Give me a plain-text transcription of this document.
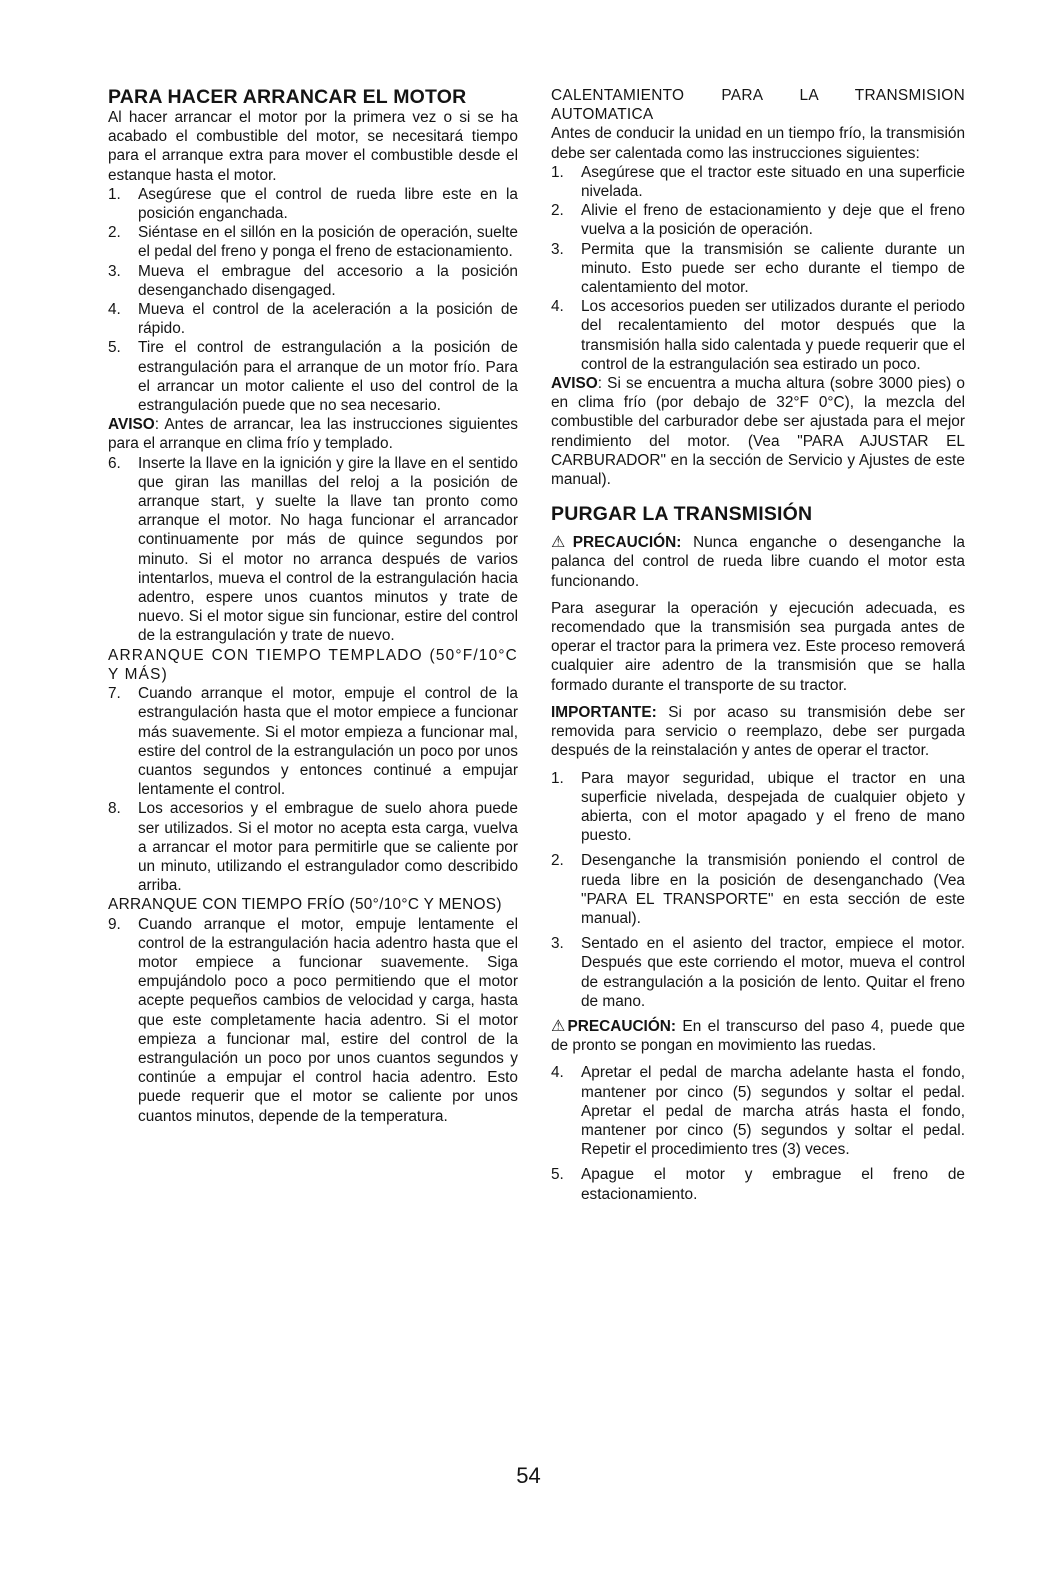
PARA HACER ARRANCAR EL MOTOR

Al hacer arrancar el motor por la primera vez o si se ha acabado el combustible del motor, se necesitará tiempo para el arranque extra para mover el combustible desde el estanque hasta el motor.

1. Asegúrese que el control de rueda libre este en la posición enganchada.
2. Siéntase en el sillón en la posición de operación, suelte el pedal del freno y ponga el freno de estacionamiento.
3. Mueva el embrague del accesorio a la posición desenganchado disengaged.
4. Mueva el control de la aceleración a la posición de rápido.
5. Tire el control de estrangulación a la posición de estrangulación para el arranque de un motor frío. Para el arrancar un motor caliente el uso del control de la estrangulación puede que no sea necesario.

AVISO: Antes de arrancar, lea las instrucciones siguientes para el arranque en clima frío y templado.

6. Inserte la llave en la ignición y gire la llave en el sentido que giran las manillas del reloj a la posición de arranque start, y suelte la llave tan pronto como arranque el motor. No haga funcionar el arrancador continuamente por más de quince segundos por minuto. Si el motor no arranca después de varios intentarlos, mueva el control de la estrangulación hacia adentro, espere unos cuantos minutos y trate de nuevo. Si el motor sigue sin funcionar, estire del control de la estrangulación y trate de nuevo.

ARRANQUE CON TIEMPO TEMPLADO (50°F/10°C Y MÁS)

7. Cuando arranque el motor, empuje el control de la estrangulación hasta que el motor empiece a funcionar más suavemente. Si el motor empieza a funcionar mal, estire del control de la estrangulación un poco por unos cuantos segundos y entonces continué a empujar lentamente el control.
8. Los accesorios y el embrague de suelo ahora puede ser utilizados. Si el motor no acepta esta carga, vuelva a arrancar el motor para permitirle que se caliente por un minuto, utilizando el estrangulador como describido arriba.

ARRANQUE CON TIEMPO FRÍO (50°/10°C Y MENOS)

9. Cuando arranque el motor, empuje lentamente el control de la estrangulación hacia adentro hasta que el motor empiece a funcionar suavemente. Siga empujándolo poco a poco permitiendo que el motor acepte pequeños cambios de velocidad y carga, hasta que este completamente hacia adentro. Si el motor empieza a funcionar mal, estire del control de la estrangulación un poco por unos cuantos segundos y continúe a empujar el control hacia adentro. Esto puede requerir que el motor se caliente por unos cuantos minutos, depende de la temperatura.

CALENTAMIENTO PARA LA TRANSMISION AUTOMATICA

Antes de conducir la unidad en un tiempo frío, la transmisión debe ser calentada como las instrucciones siguientes:

1. Asegúrese que el tractor este situado en una superficie nivelada.
2. Alivie el freno de estacionamiento y deje que el freno vuelva a la posición de operación.
3. Permita que la transmisión se caliente durante un minuto. Esto puede ser echo durante el tiempo de calentamiento del motor.
4. Los accesorios pueden ser utilizados durante el periodo del recalentamiento del motor después que la transmisión halla sido calentada y puede requerir que el control de la estrangulación sea estirado un poco.

AVISO: Si se encuentra a mucha altura (sobre 3000 pies) o en clima frío (por debajo de 32°F 0°C), la mezcla del combustible del carburador debe ser ajustada para el mejor rendimiento del motor. (Vea "PARA AJUSTAR EL CARBURADOR" en la sección de Servicio y Ajustes de este manual).

PURGAR LA TRANSMISIÓN

⚠PRECAUCIÓN: Nunca enganche o desenganche la palanca del control de rueda libre cuando el motor esta funcionando.

Para asegurar la operación y ejecución adecuada, es recomendado que la transmisión sea purgada antes de operar el tractor para la primera vez. Este proceso removerá cualquier aire adentro de la transmisión que se halla formado durante el transporte de su tractor.

IMPORTANTE: Si por acaso su transmisión debe ser removida para servicio o reemplazo, debe ser purgada después de la reinstalación y antes de operar el tractor.

1. Para mayor seguridad, ubique el tractor en una superficie nivelada, despejada de cualquier objeto y abierta, con el motor apagado y el freno de mano puesto.
2. Desenganche la transmisión poniendo el control de rueda libre en la posición de desenganchado (Vea "PARA EL TRANSPORTE" en esta sección de este manual).
3. Sentado en el asiento del tractor, empiece el motor. Después que este corriendo el motor, mueva el control de estrangulación a la posición de lento. Quitar el freno de mano.

⚠PRECAUCIÓN: En el transcurso del paso 4, puede que de pronto se pongan en movimiento las ruedas.

4. Apretar el pedal de marcha adelante hasta el fondo, mantener por cinco (5) segundos y soltar el pedal. Apretar el pedal de marcha atrás hasta el fondo, mantener por cinco (5) segundos y soltar el pedal. Repetir el procedimiento tres (3) veces.
5. Apague el motor y embrague el freno de estacionamiento.
54
